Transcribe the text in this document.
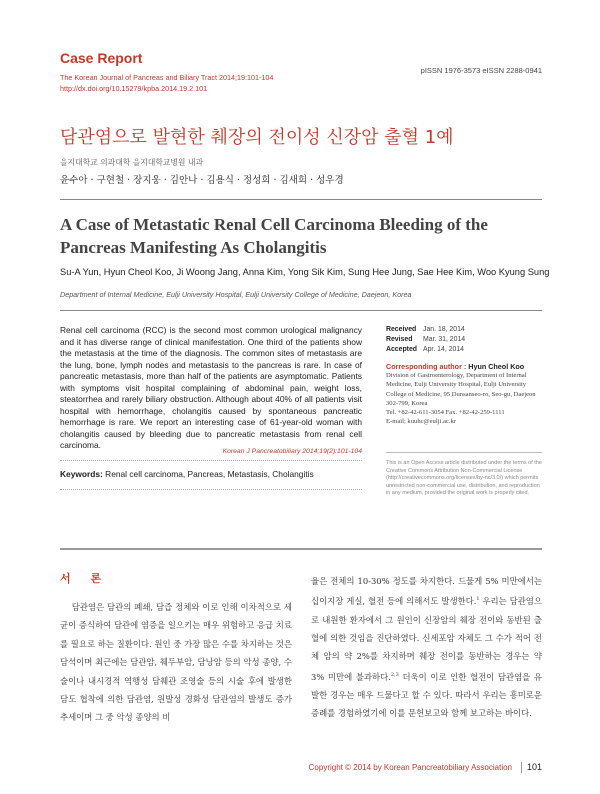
Case Report
The Korean Journal of Pancreas and Biliary Tract 2014;19:101-104
http://dx.doi.org/10.15279/kpba.2014.19.2.101
pISSN 1976-3573 eISSN 2288-0941
담관염으로 발현한 췌장의 전이성 신장암 출혈 1예
을지대학교 의과대학 을지대학교병원 내과
윤수아 · 구현철 · 장지웅 · 김안나 · 김용식 · 정성희 · 김새희 · 성우경
A Case of Metastatic Renal Cell Carcinoma Bleeding of the Pancreas Manifesting As Cholangitis
Su-A Yun, Hyun Cheol Koo, Ji Woong Jang, Anna Kim, Yong Sik Kim, Sung Hee Jung, Sae Hee Kim, Woo Kyung Sung
Department of Internal Medicine, Eulji University Hospital, Eulji University College of Medicine, Daejeon, Korea
Renal cell carcinoma (RCC) is the second most common urological malignancy and it has diverse range of clinical manifestation. One third of the patients show the metastasis at the time of the diagnosis. The common sites of metastasis are the lung, bone, lymph nodes and metastasis to the pancreas is rare. In case of pancreatic metastasis, more than half of the patients are asymptomatic. Patients with symptoms visit hospital complaining of abdominal pain, weight loss, steatorrhea and rarely biliary obstruction. Although about 40% of all patients visit hospital with hemorrhage, cholangitis caused by spontaneous pancreatic hemorrhage is rare. We report an interesting case of 61-year-old woman with cholangitis caused by bleeding due to pancreatic metastasis from renal cell carcinoma.
Korean J Pancreatobiliary 2014;19(2):101-104
Keywords: Renal cell carcinoma, Pancreas, Metastasis, Cholangitis
Received Jan. 18, 2014
Revised Mar. 31, 2014
Accepted Apr. 14, 2014
Corresponding author : Hyun Cheol Koo
Division of Gastroenterology, Department of Internal
Medicine, Eulji University Hospital, Eulji University
College of Medicine, 95 Dunsanseo-ro, Seo-gu, Daejeon
302-799, Korea
Tel. +82-42-611-3054 Fax. +82-42-259-1111
E-mail; kuuhc@eulji.ac.kr
This is an Open Access article distributed under the terms of the Creative Commons Attribution Non-Commercial License (http://creativecommons.org/licenses/by-nc/3.0/) which permits unrestricted non-commercial use, distribution, and reproduction in any medium, provided the original work is properly cited.
서 론
담관염은 담관의 폐쇄, 담즙 정체와 이로 인해 이차적으로 세균이 증식하여 담관에 염증을 일으키는 매우 위험하고 응급 치료를 필요로 하는 질환이다. 원인 중 가장 많은 수를 차지하는 것은 담석이며 최근에는 담관암, 췌두부암, 담낭암 등의 악성 종양, 수술이나 내시경적 역행성 담췌관 조영술 등의 시술 후에 발생한 담도 협착에 의한 담관염, 원발성 경화성 담관염의 발생도 증가 추세이며 그 중 악성 종양의 비
율은 전체의 10-30% 정도를 차지한다. 드물게 5% 미만에서는 십이지장 게실, 혈전 등에 의해서도 발생한다.$^1$ 우리는 담관염으로 내원한 환자에서 그 원인이 신장암의 췌장 전이와 동반된 출혈에 의한 것임을 진단하였다. 신세포암 자체도 그 수가 적어 전체 암의 약 2%를 차지하며 췌장 전이를 동반하는 경우는 약 3% 미만에 불과하다.$^{2,3}$ 더욱이 이로 인한 혈전이 담관염을 유발한 경우는 매우 드물다고 할 수 있다. 따라서 우리는 흥미로운 증례를 경험하였기에 이를 문헌보고와 함께 보고하는 바이다.
Copyright © 2014 by Korean Pancreatobiliary Association 101
